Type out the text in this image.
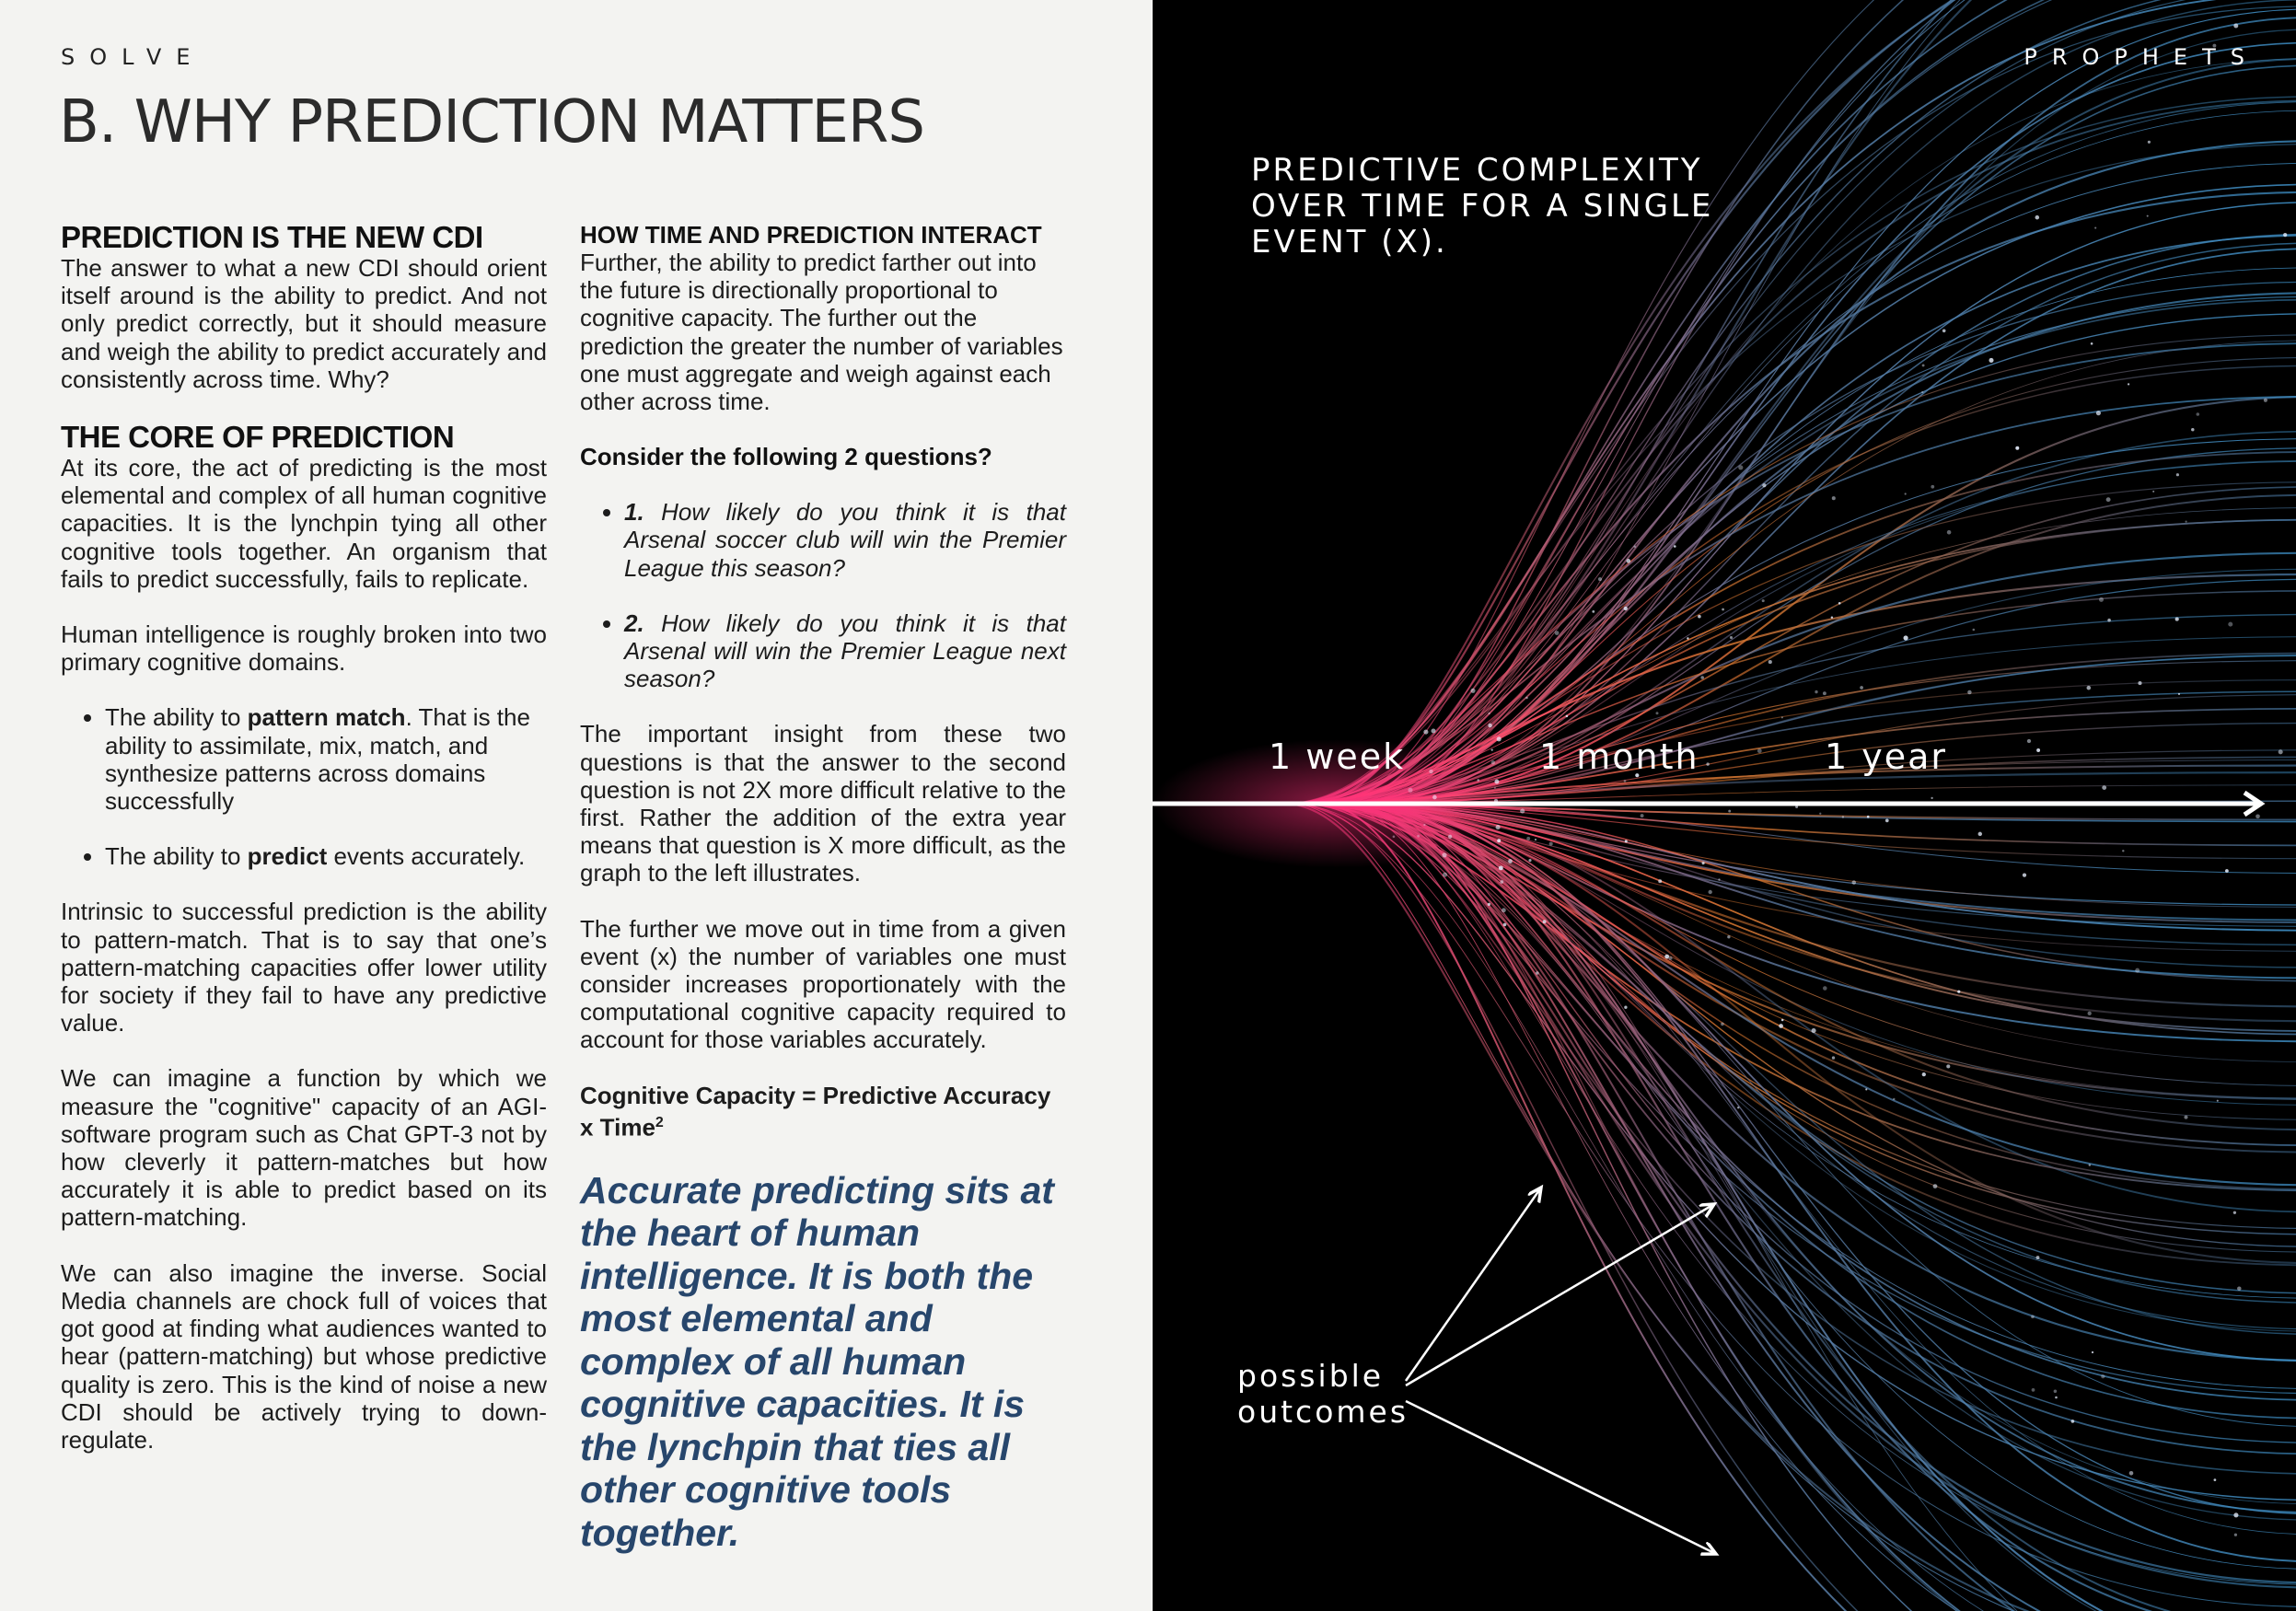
SOLVE
B. WHY PREDICTION MATTERS
PREDICTION IS THE NEW CDI

The answer to what a new CDI should orient itself around is the ability to predict. And not only predict correctly, but it should measure and weigh the ability to predict accurately and consistently across time. Why?

THE CORE OF PREDICTION

At its core, the act of predicting is the most elemental and complex of all human cognitive capacities. It is the lynchpin tying all other cognitive tools together. An organism that fails to predict successfully, fails to replicate.

Human intelligence is roughly broken into two primary cognitive domains.

• The ability to pattern match. That is the ability to assimilate, mix, match, and synthesize patterns across domains successfully
• The ability to predict events accurately.

Intrinsic to successful prediction is the ability to pattern-match. That is to say that one’s pattern-matching capacities offer lower utility for society if they fail to have any predictive value.

We can imagine a function by which we measure the "cognitive" capacity of an AGI-software program such as Chat GPT-3 not by how cleverly it pattern-matches but how accurately it is able to predict based on its pattern-matching.

We can also imagine the inverse. Social Media channels are chock full of voices that got good at finding what audiences wanted to hear (pattern-matching) but whose predictive quality is zero. This is the kind of noise a new CDI should be actively trying to down-regulate.

HOW TIME AND PREDICTION INTERACT

Further, the ability to predict farther out into the future is directionally proportional to cognitive capacity. The further out the prediction the greater the number of variables one must aggregate and weigh against each other across time.

Consider the following 2 questions?
• 1. How likely do you think it is that Arsenal soccer club will win the Premier League this season?
• 2. How likely do you think it is that Arsenal will win the Premier League next season?

The important insight from these two questions is that the answer to the second question is not 2X more difficult relative to the first. Rather the addition of the extra year means that question is X more difficult, as the graph to the left illustrates.

The further we move out in time from a given event (x) the number of variables one must consider increases proportionately with the computational cognitive capacity required to account for those variables accurately.

Cognitive Capacity = Predictive Accuracy x Time$^2$

Accurate predicting sits at the heart of human intelligence. It is both the most elemental and complex of all human cognitive capacities. It is the lynchpin that ties all other cognitive tools together.

PROPHETS
PREDICTIVE COMPLEXITY OVER TIME FOR A SINGLE EVENT (X).
1 week	1 month	1 year
possible outcomes
